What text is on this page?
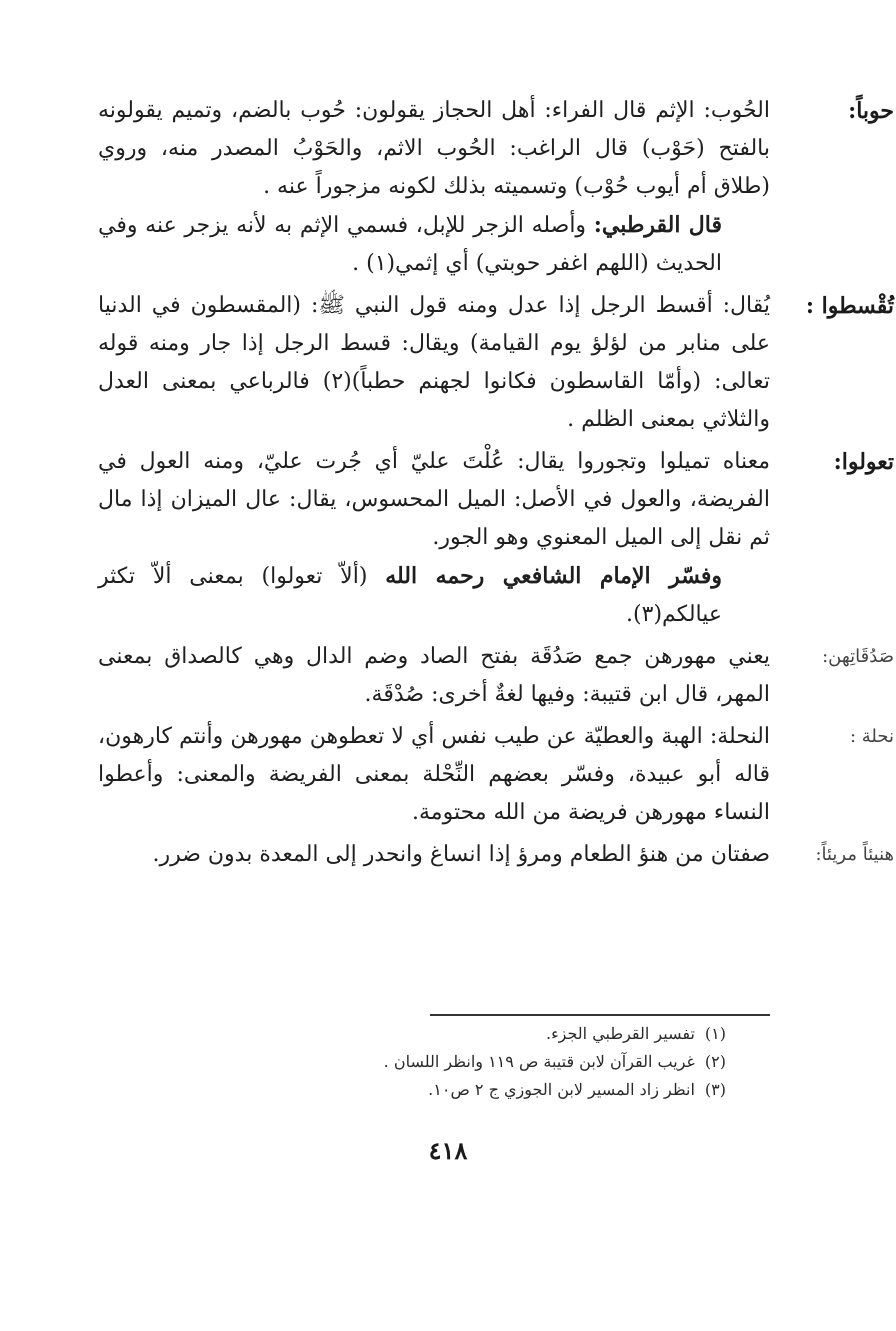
حوباً:

الحُوب: الإثم قال الفراء: أهل الحجاز يقولون: حُوب بالضم، وتميم يقولونه بالفتح (حَوْب) قال الراغب: الحُوب الاثم، والحَوْبُ المصدر منه، وروي (طلاق أم أيوب حُوْب) وتسميته بذلك لكونه مزجوراً عنه .

قال القرطبي: وأصله الزجر للإبل، فسمي الإثم به لأنه يزجر عنه وفي الحديث (اللهم اغفر حوبتي) أي إثمي(١) .

تُقْسطوا :

يُقال: أقسط الرجل إذا عدل ومنه قول النبي ﷺ: (المقسطون في الدنيا على منابر من لؤلؤ يوم القيامة) ويقال: قسط الرجل إذا جار ومنه قوله تعالى: (وأمّا القاسطون فكانوا لجهنم حطباً)(٢) فالرباعي بمعنى العدل والثلاثي بمعنى الظلم .

تعولوا:

معناه تميلوا وتجوروا يقال: عُلْتَ عليّ أي جُرت عليّ، ومنه العول في الفريضة، والعول في الأصل: الميل المحسوس، يقال: عال الميزان إذا مال ثم نقل إلى الميل المعنوي وهو الجور.

وفسّر الإمام الشافعي رحمه الله (ألاّ تعولوا) بمعنى ألاّ تكثر عيالكم(٣).

صَدُقَاتِهن:

يعني مهورهن جمع صَدُقَة بفتح الصاد وضم الدال وهي كالصداق بمعنى المهر، قال ابن قتيبة: وفيها لغةٌ أخرى: صُدْقَة.

نحلة :

النحلة: الهبة والعطيّة عن طيب نفس أي لا تعطوهن مهورهن وأنتم كارهون، قاله أبو عبيدة، وفسّر بعضهم النِّحْلة بمعنى الفريضة والمعنى: وأعطوا النساء مهورهن فريضة من الله محتومة.

هنيئاً مريئاً:

صفتان من هنؤ الطعام ومرؤ إذا انساغ وانحدر إلى المعدة بدون ضرر.

(١)تفسير القرطبي الجزء.
(٢)غريب القرآن لابن قتيبة ص ١١٩ وانظر اللسان .
(٣)انظر زاد المسير لابن الجوزي ج ٢ ص١٠.
٤١٨
